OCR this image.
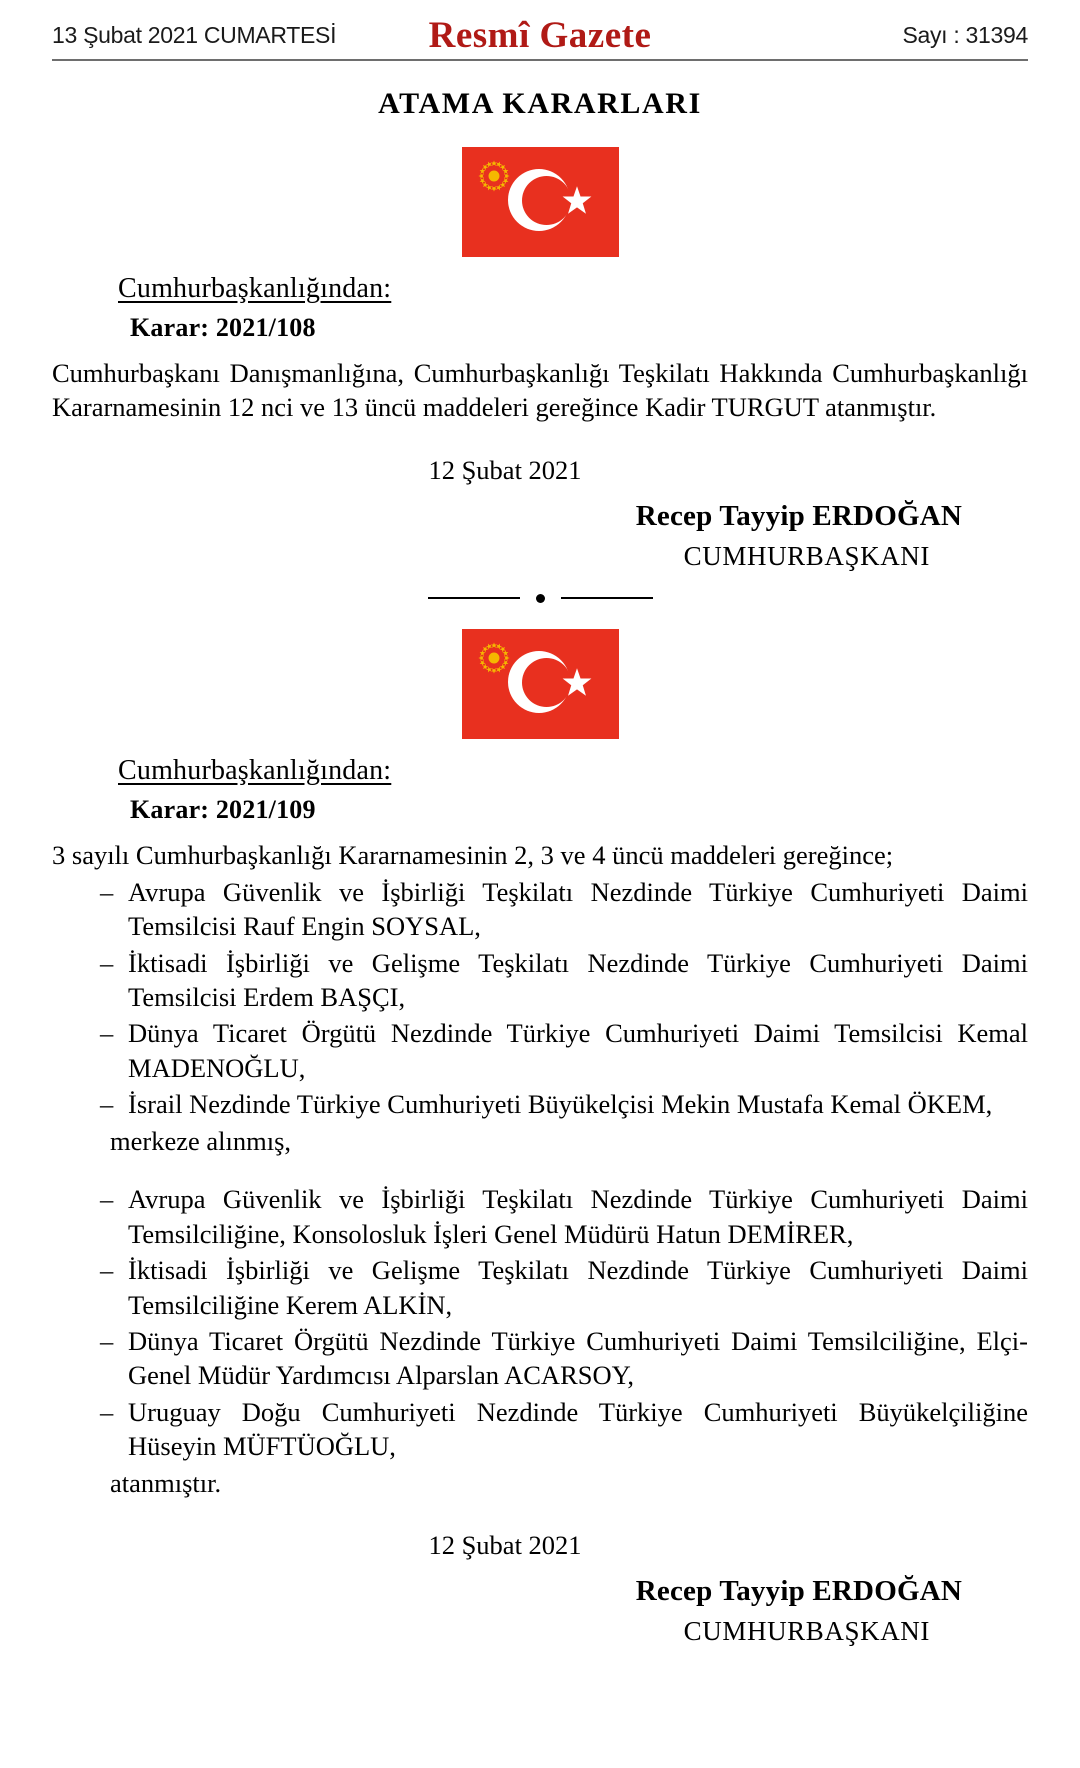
13 Şubat 2021 CUMARTESİ	Resmî Gazete	Sayı : 31394
ATAMA KARARLARI
Cumhurbaşkanlığından:
Karar: 2021/108

Cumhurbaşkanı Danışmanlığına, Cumhurbaşkanlığı Teşkilatı Hakkında Cumhurbaşkanlığı Kararnamesinin 12 nci ve 13 üncü maddeleri gereğince Kadir TURGUT atanmıştır.

12 Şubat 2021
Recep Tayyip ERDOĞAN
CUMHURBAŞKANI
Cumhurbaşkanlığından:
Karar: 2021/109

3 sayılı Cumhurbaşkanlığı Kararnamesinin 2, 3 ve 4 üncü maddeleri gereğince;

– Avrupa Güvenlik ve İşbirliği Teşkilatı Nezdinde Türkiye Cumhuriyeti Daimi Temsilcisi Rauf Engin SOYSAL,
– İktisadi İşbirliği ve Gelişme Teşkilatı Nezdinde Türkiye Cumhuriyeti Daimi Temsilcisi Erdem BAŞÇI,
– Dünya Ticaret Örgütü Nezdinde Türkiye Cumhuriyeti Daimi Temsilcisi Kemal MADENOĞLU,
– İsrail Nezdinde Türkiye Cumhuriyeti Büyükelçisi Mekin Mustafa Kemal ÖKEM,
merkeze alınmış,
– Avrupa Güvenlik ve İşbirliği Teşkilatı Nezdinde Türkiye Cumhuriyeti Daimi Temsilciliğine, Konsolosluk İşleri Genel Müdürü Hatun DEMİRER,
– İktisadi İşbirliği ve Gelişme Teşkilatı Nezdinde Türkiye Cumhuriyeti Daimi Temsilciliğine Kerem ALKİN,
– Dünya Ticaret Örgütü Nezdinde Türkiye Cumhuriyeti Daimi Temsilciliğine, Elçi-Genel Müdür Yardımcısı Alparslan ACARSOY,
– Uruguay Doğu Cumhuriyeti Nezdinde Türkiye Cumhuriyeti Büyükelçiliğine Hüseyin MÜFTÜOĞLU,
atanmıştır.
12 Şubat 2021
Recep Tayyip ERDOĞAN
CUMHURBAŞKANI
